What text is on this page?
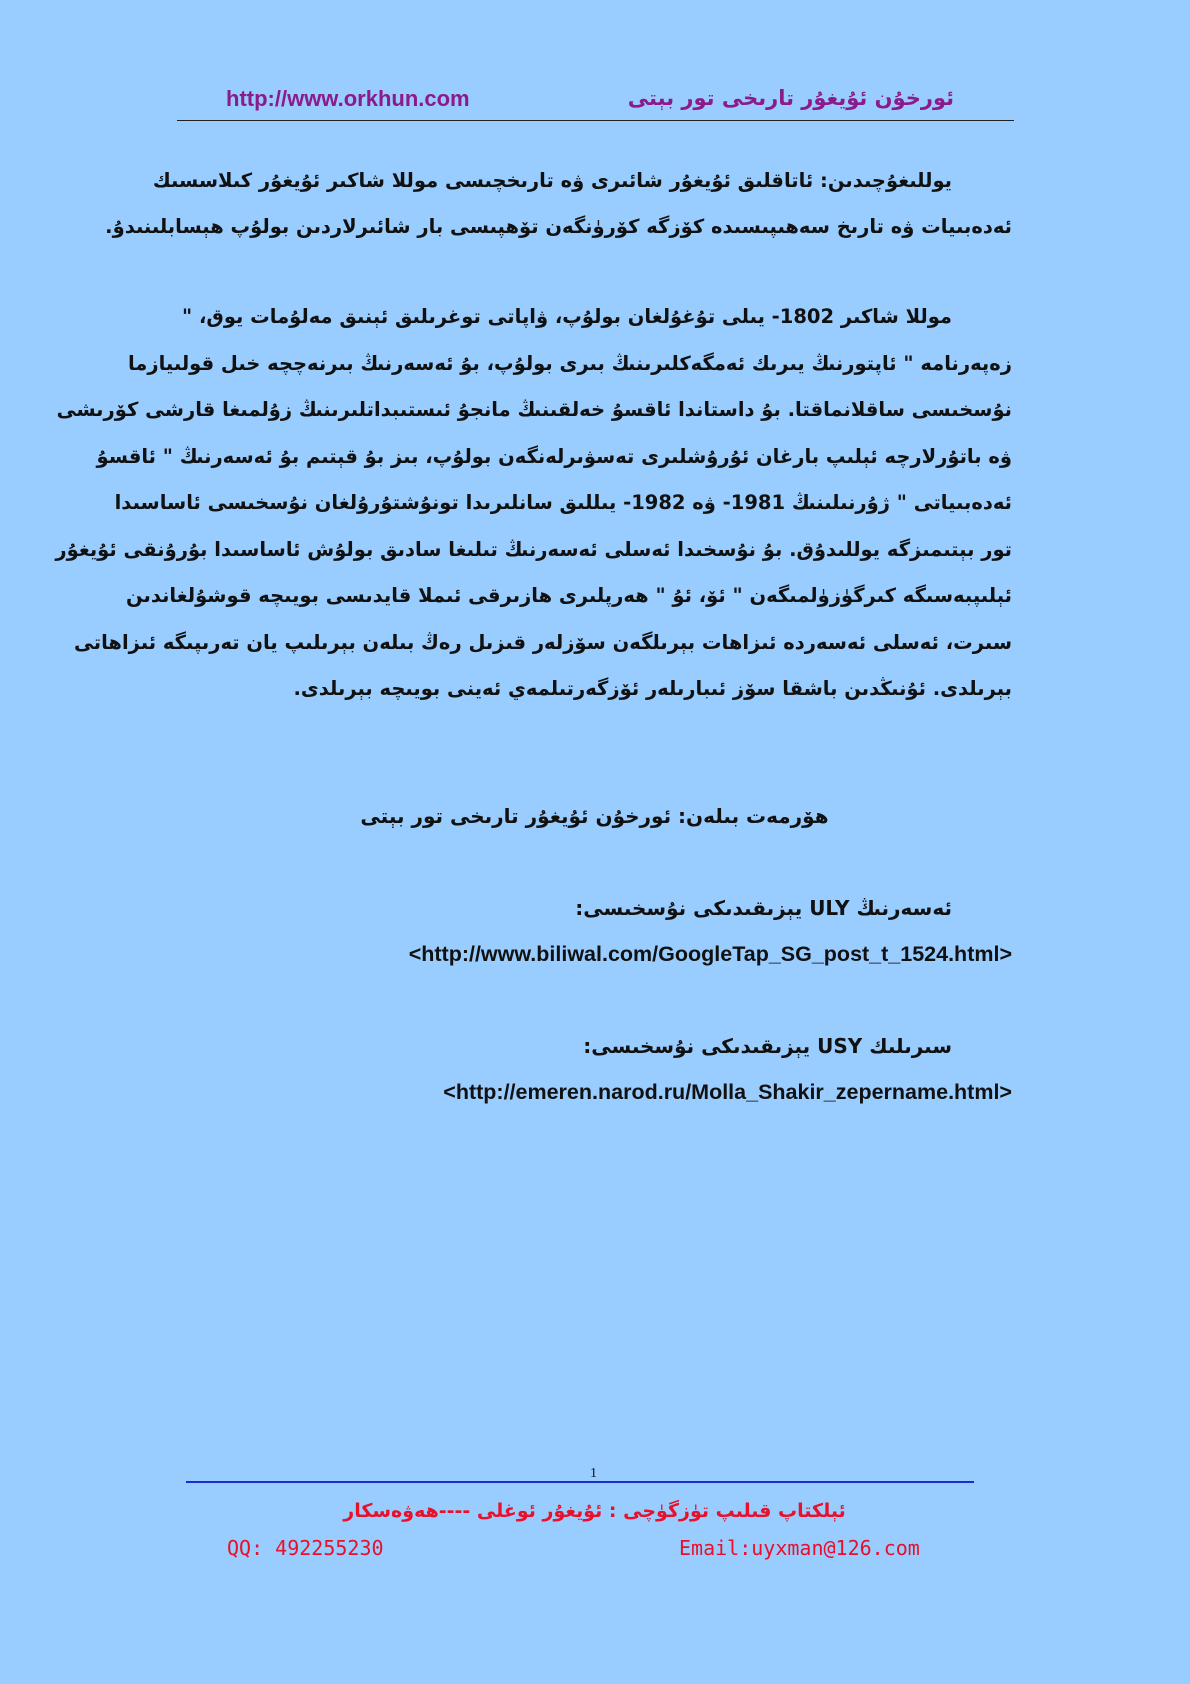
http://www.orkhun.com	ئورخۇن ئۇيغۇر تارىخى تور بېتى
يوللىغۇچىدىن: ئاتاقلىق ئۇيغۇر شائىرى ۋە تارىخچىسى موللا شاكىر ئۇيغۇر كىلاسسىك
ئەدەبىيات ۋە تارىخ سەھىپىسىدە كۆزگە كۆرۈنگەن تۆھپىسى بار شائىرلاردىن بولۇپ ھېسابلىنىدۇ.
موللا شاكىر 1802- يىلى تۇغۇلغان بولۇپ، ۋاپاتى توغرىلىق ئېنىق مەلۇمات يوق، "
زەپەرنامە " ئاپتورنىڭ يىرىك ئەمگەكلىرىنىڭ بىرى بولۇپ، بۇ ئەسەرنىڭ بىرنەچچە خىل قولىيازما
نۇسخىسى ساقلانماقتا. بۇ داستاندا ئاقسۇ خەلقىنىڭ مانجۇ ئىستىبداتلىرىنىڭ زۇلمىغا قارشى كۆرىشى
ۋە باتۇرلارچە ئېلىپ بارغان ئۇرۇشلىرى تەسۋىرلەنگەن بولۇپ، بىز بۇ قېتىم بۇ ئەسەرنىڭ " ئاقسۇ
ئەدەبىياتى " ژۇرنىلىنىڭ 1981- ۋە 1982- يىللىق سانلىرىدا تونۇشتۇرۇلغان نۇسخىسى ئاساسىدا
تور بېتىمىزگە يوللىدۇق. بۇ نۇسخىدا ئەسلى ئەسەرنىڭ تىلىغا سادىق بولۇش ئاساسىدا بۇرۇنقى ئۇيغۇر
ئېلىپبەسىگە كىرگۈزۈلمىگەن " ئۆ، ئۇ " ھەرپلىرى ھازىرقى ئىملا قايدىسى بويىچە قوشۇلغاندىن
سىرت، ئەسلى ئەسەردە ئىزاھات بېرىلگەن سۆزلەر قىزىل رەڭ بىلەن بېرىلىپ يان تەرىپىگە ئىزاھاتى
بېرىلدى. ئۇنىڭدىن باشقا سۆز ئىبارىلەر ئۆزگەرتىلمەي ئەينى بويىچە بېرىلدى.
ھۆرمەت بىلەن: ئورخۇن ئۇيغۇر تارىخى تور بېتى
ئەسەرنىڭ ULY يېزىقىدىكى نۇسخىسى:
<http://www.biliwal.com/GoogleTap_SG_post_t_1524.html>
سىرىلىك USY يېزىقىدىكى نۇسخىسى:
<http://emeren.narod.ru/Molla_Shakir_zepername.html>
1
ئېلكتاپ قىلىپ تۈزگۈچى : ئۇيغۇر ئوغلى ----ھەۋەسكار
QQ: 492255230	Email:uyxman@126.com
